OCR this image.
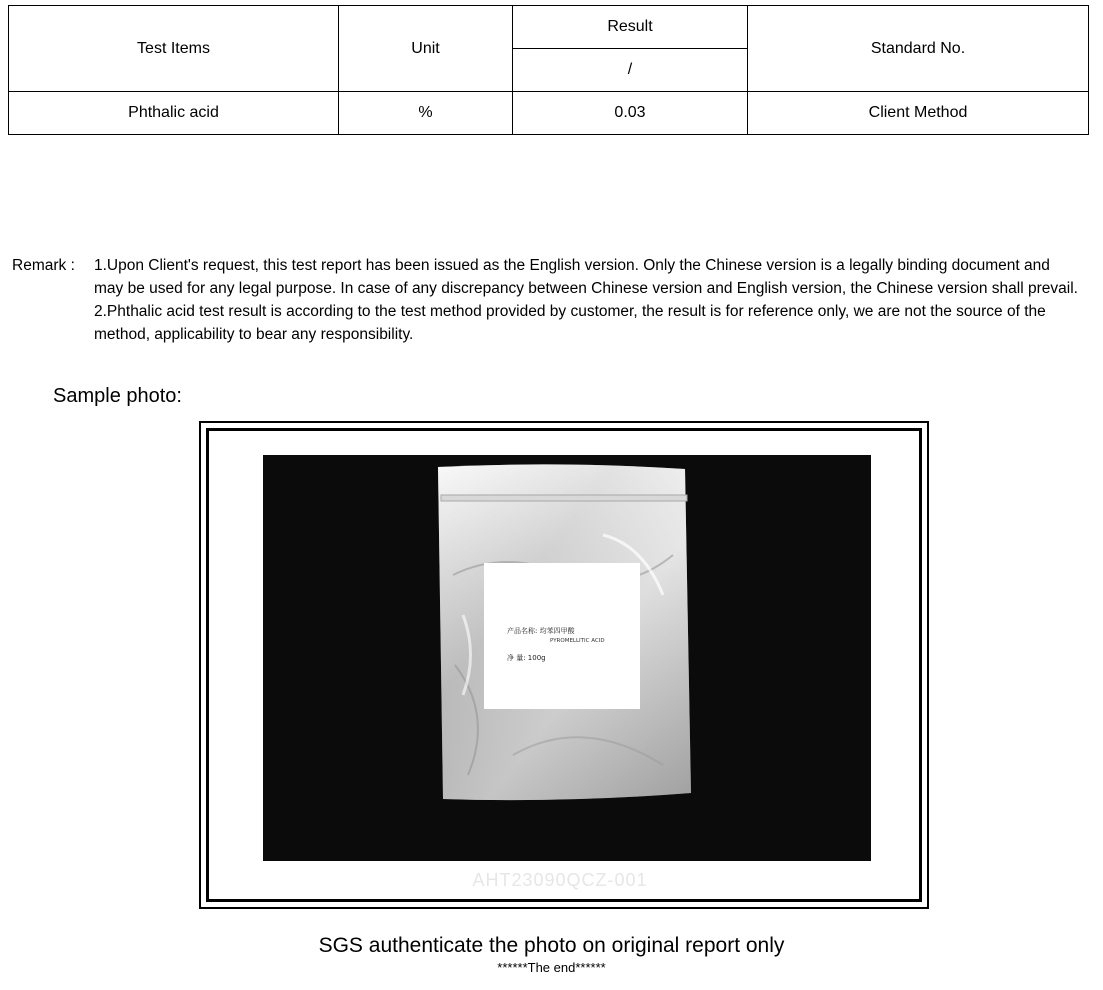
Test Items	Unit	Result	Standard No.
		/	
Phthalic acid	%	0.03	Client Method
Remark : 1.Upon Client's request, this test report has been issued as the English version. Only the Chinese version is a legally binding document and may be used for any legal purpose. In case of any discrepancy between Chinese version and English version, the Chinese version shall prevail.

2.Phthalic acid test result is according to the test method provided by customer, the result is for reference only, we are not the source of the method, applicability to bear any responsibility.

Sample photo:
产品名称: 均苯四甲酸
PYROMELLITIC ACID
净 量: 100g
AHT23090QCZ-001
SGS authenticate the photo on original report only
******The end******
